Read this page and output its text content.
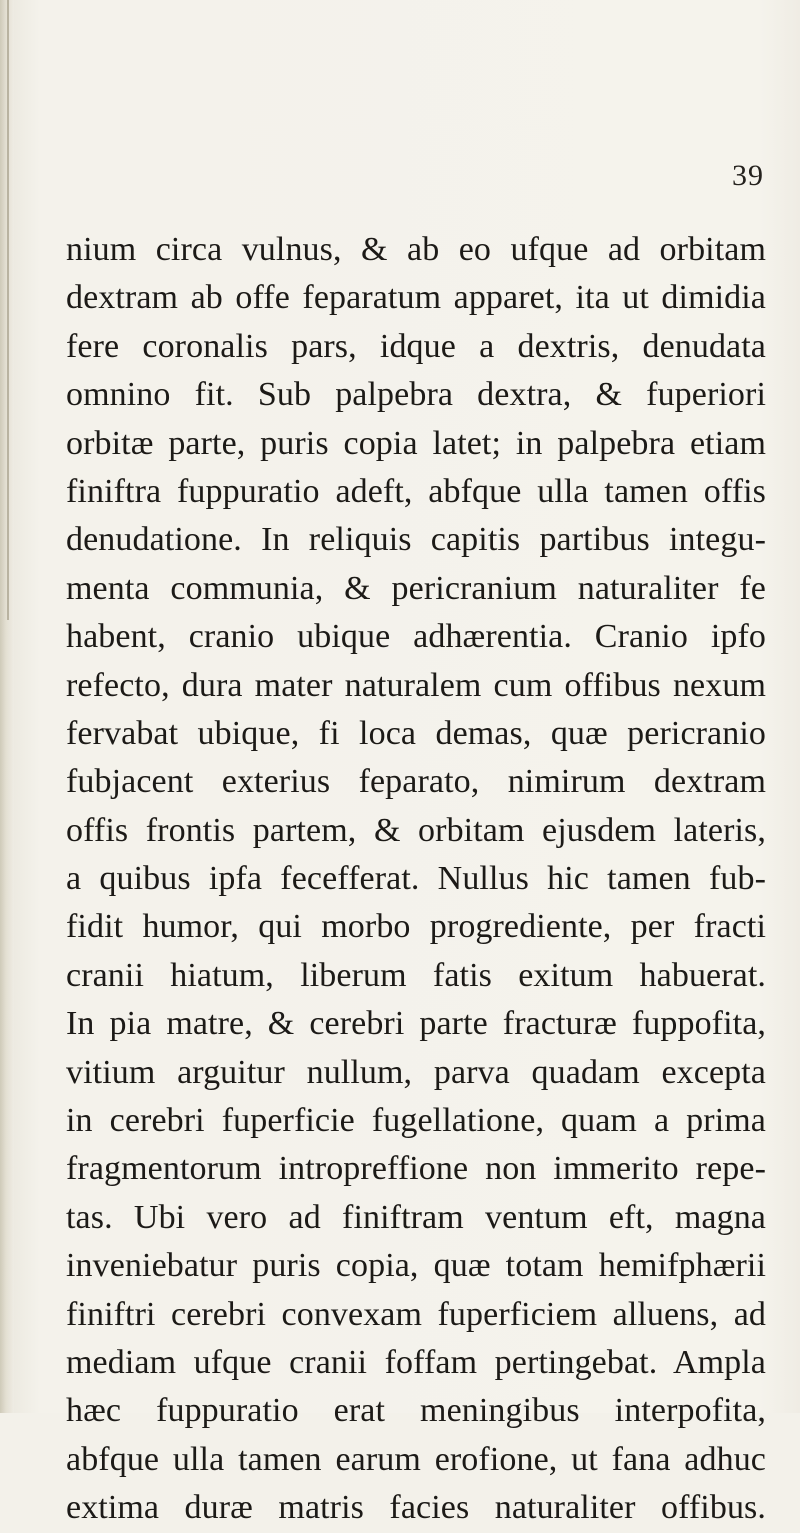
39
nium circa vulnus, & ab eo ufque ad orbitam
dextram ab offe feparatum apparet, ita ut dimidia
fere coronalis pars, idque a dextris, denudata
omnino fit. Sub palpebra dextra, & fuperiori
orbitæ parte, puris copia latet; in palpebra etiam
finiftra fuppuratio adeft, abfque ulla tamen offis
denudatione. In reliquis capitis partibus integu-
menta communia, & pericranium naturaliter fe
habent, cranio ubique adhærentia. Cranio ipfo
refecto, dura mater naturalem cum offibus nexum
fervabat ubique, fi loca demas, quæ pericranio
fubjacent exterius feparato, nimirum dextram
offis frontis partem, & orbitam ejusdem lateris,
a quibus ipfa fecefferat. Nullus hic tamen fub-
fidit humor, qui morbo progrediente, per fracti
cranii hiatum, liberum fatis exitum habuerat.
In pia matre, & cerebri parte fracturæ fuppofita,
vitium arguitur nullum, parva quadam excepta
in cerebri fuperficie fugellatione, quam a prima
fragmentorum intropreffione non immerito repe-
tas. Ubi vero ad finiftram ventum eft, magna
inveniebatur puris copia, quæ totam hemifphærii
finiftri cerebri convexam fuperficiem alluens, ad
mediam ufque cranii foffam pertingebat. Ampla
hæc fuppuratio erat meningibus interpofita,
abfque ulla tamen earum erofione, ut fana adhuc
extima duræ matris facies naturaliter offibus.
